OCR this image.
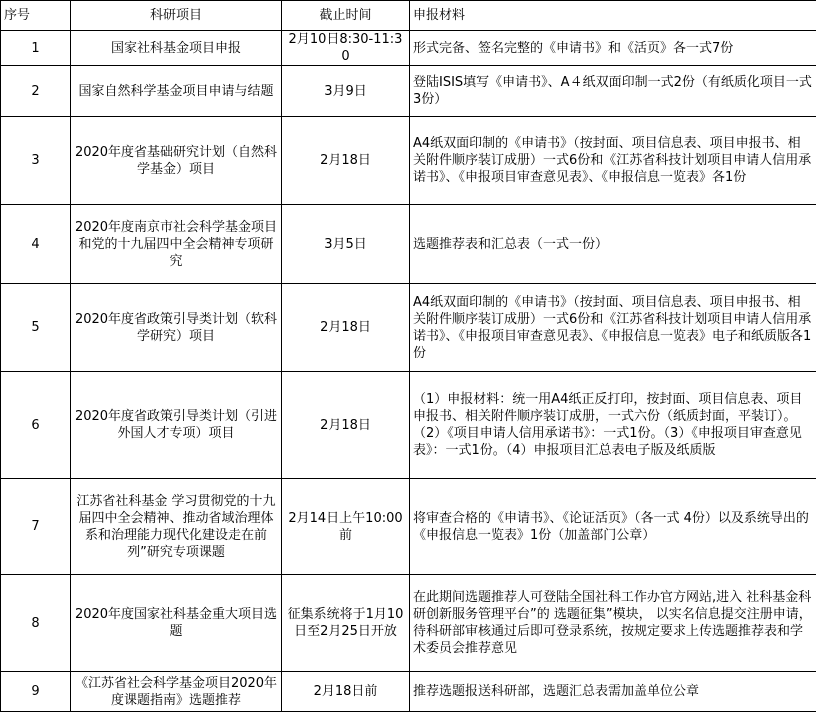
序号	科研项目	截止时间	申报材料
1	国家社科基金项目申报	2月10日8:30-11:30	形式完备、签名完整的《申请书》和《活页》各一式7份
2	国家自然科学基金项目申请与结题	3月9日	登陆ISIS填写《申请书》、A４纸双面印制一式2份（有纸质化项目一式3份）
3	2020年度省基础研究计划（自然科学基金）项目	2月18日	A4纸双面印制的《申请书》（按封面、项目信息表、项目申报书、相关附件顺序装订成册）一式6份和《江苏省科技计划项目申请人信用承诺书》、《申报项目审查意见表》、《申报信息一览表》各1份
4	2020年度南京市社会科学基金项目和党的十九届四中全会精神专项研究	3月5日	选题推荐表和汇总表（一式一份）
5	2020年度省政策引导类计划（软科学研究）项目	2月18日	A4纸双面印制的《申请书》（按封面、项目信息表、项目申报书、相关附件顺序装订成册）一式6份和《江苏省科技计划项目申请人信用承诺书》、《申报项目审查意见表》、《申报信息一览表》电子和纸质版各1份
6	2020年度省政策引导类计划（引进外国人才专项）项目	2月18日	（1）申报材料：统一用A4纸正反打印，按封面、项目信息表、项目申报书、相关附件顺序装订成册，一式六份（纸质封面，平装订）。（2）《项目申请人信用承诺书》：一式1份。（3）《申报项目审查意见表》：一式1份。（4）申报项目汇总表电子版及纸质版
7	江苏省社科基金 学习贯彻党的十九届四中全会精神、推动省域治理体系和治理能力现代化建设走在前列”研究专项课题	2月14日上午10:00前	将审查合格的《申请书》、《论证活页》（各一式 4份）以及系统导出的《申报信息一览表》1份（加盖部门公章）
8	2020年度国家社科基金重大项目选题	征集系统将于1月10日至2月25日开放	在此期间选题推荐人可登陆全国社科工作办官方网站,进入 社科基金科研创新服务管理平台”的 选题征集”模块， 以实名信息提交注册申请，待科研部审核通过后即可登录系统，按规定要求上传选题推荐表和学术委员会推荐意见
9	《江苏省社会科学基金项目2020年度课题指南》选题推荐	2月18日前	推荐选题报送科研部，选题汇总表需加盖单位公章
